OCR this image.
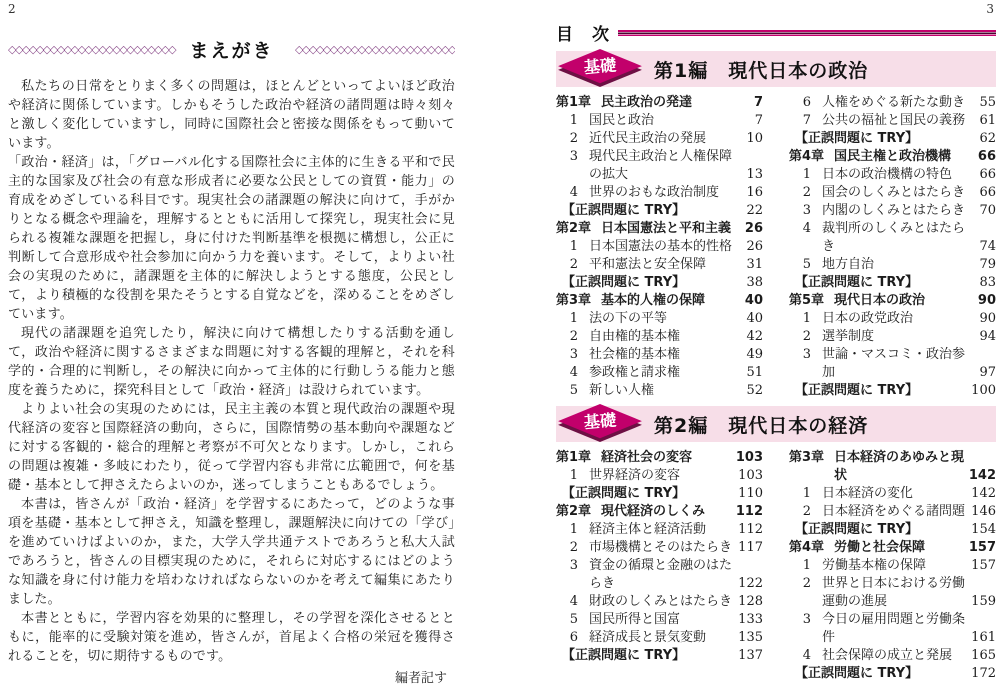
2
◇◇◇◇◇◇◇◇◇◇◇◇◇◇◇◇◇◇◇◇◇◇◇◇ まえがき	◇◇◇◇◇◇◇◇◇◇◇◇◇◇◇◇◇◇◇◇◇◇◇
私たちの日常をとりまく多くの問題は，ほとんどといってよいほど政治や経済に関係しています。しかもそうした政治や経済の諸問題は時々刻々と激しく変化していますし，同時に国際社会と密接な関係をもって動いています。
「政治・経済」は，「グローバル化する国際社会に主体的に生きる平和で民主的な国家及び社会の有意な形成者に必要な公民としての資質・能力」の育成をめざしている科目です。現実社会の諸課題の解決に向けて，手がかりとなる概念や理論を，理解するとともに活用して探究し，現実社会に見られる複雑な課題を把握し，身に付けた判断基準を根拠に構想し，公正に判断して合意形成や社会参加に向かう力を養います。そして，よりよい社会の実現のために，諸課題を主体的に解決しようとする態度，公民として，より積極的な役割を果たそうとする自覚などを，深めることをめざしています。
現代の諸課題を追究したり，解決に向けて構想したりする活動を通して，政治や経済に関するさまざまな問題に対する客観的理解と，それを科学的・合理的に判断し，その解決に向かって主体的に行動しうる能力と態度を養うために，探究科目として「政治・経済」は設けられています。
よりよい社会の実現のためには，民主主義の本質と現代政治の課題や現代経済の変容と国際経済の動向，さらに，国際情勢の基本動向や課題などに対する客観的・総合的理解と考察が不可欠となります。しかし，これらの問題は複雑・多岐にわたり，従って学習内容も非常に広範囲で，何を基礎・基本として押さえたらよいのか，迷ってしまうこともあるでしょう。
本書は，皆さんが「政治・経済」を学習するにあたって，どのような事項を基礎・基本として押さえ，知識を整理し，課題解決に向けての「学び」を進めていけばよいのか，また，大学入学共通テストであろうと私大入試であろうと，皆さんの目標実現のために，それらに対応するにはどのような知識を身に付け能力を培わなければならないのかを考えて編集にあたりました。
本書とともに，学習内容を効果的に整理し，その学習を深化させるとともに，能率的に受験対策を進め，皆さんが，首尾よく合格の栄冠を獲得されることを，切に期待するものです。
編者記す
3
目　次
基礎 第1編　現代日本の政治
第1章 民主政治の発達	7
1 国民と政治	7
2 近代民主政治の発展	10
3 現代民主政治と人権保障の拡大	13
4 世界のおもな政治制度	16
【正誤問題に TRY】	22
第2章 日本国憲法と平和主義	26
1 日本国憲法の基本的性格	26
2 平和憲法と安全保障	31
【正誤問題に TRY】	38
第3章 基本的人権の保障	40
1 法の下の平等	40
2 自由権的基本権	42
3 社会権的基本権	49
4 参政権と請求権	51
5 新しい人権	52
6 人権をめぐる新たな動き	55
7 公共の福祉と国民の義務	61
【正誤問題に TRY】	62
第4章 国民主権と政治機構	66
1 日本の政治機構の特色	66
2 国会のしくみとはたらき	66
3 内閣のしくみとはたらき	70
4 裁判所のしくみとはたらき	74
5 地方自治	79
【正誤問題に TRY】	83
第5章 現代日本の政治	90
1 日本の政党政治	90
2 選挙制度	94
3 世論・マスコミ・政治参加	97
【正誤問題に TRY】	100
基礎 第2編　現代日本の経済
第1章 経済社会の変容	103
1 世界経済の変容	103
【正誤問題に TRY】	110
第2章 現代経済のしくみ	112
1 経済主体と経済活動	112
2 市場機構とそのはたらき 117
3 資金の循環と金融のはたらき	122
4 財政のしくみとはたらき 128
5 国民所得と国富	133
6 経済成長と景気変動	135
【正誤問題に TRY】	137
第3章 日本経済のあゆみと現状	142
1 日本経済の変化	142
2 日本経済をめぐる諸問題 146
【正誤問題に TRY】	154
第4章 労働と社会保障	157
1 労働基本権の保障	157
2 世界と日本における労働運動の進展	159
3 今日の雇用問題と労働条件	161
4 社会保障の成立と発展	165
【正誤問題に TRY】	172
